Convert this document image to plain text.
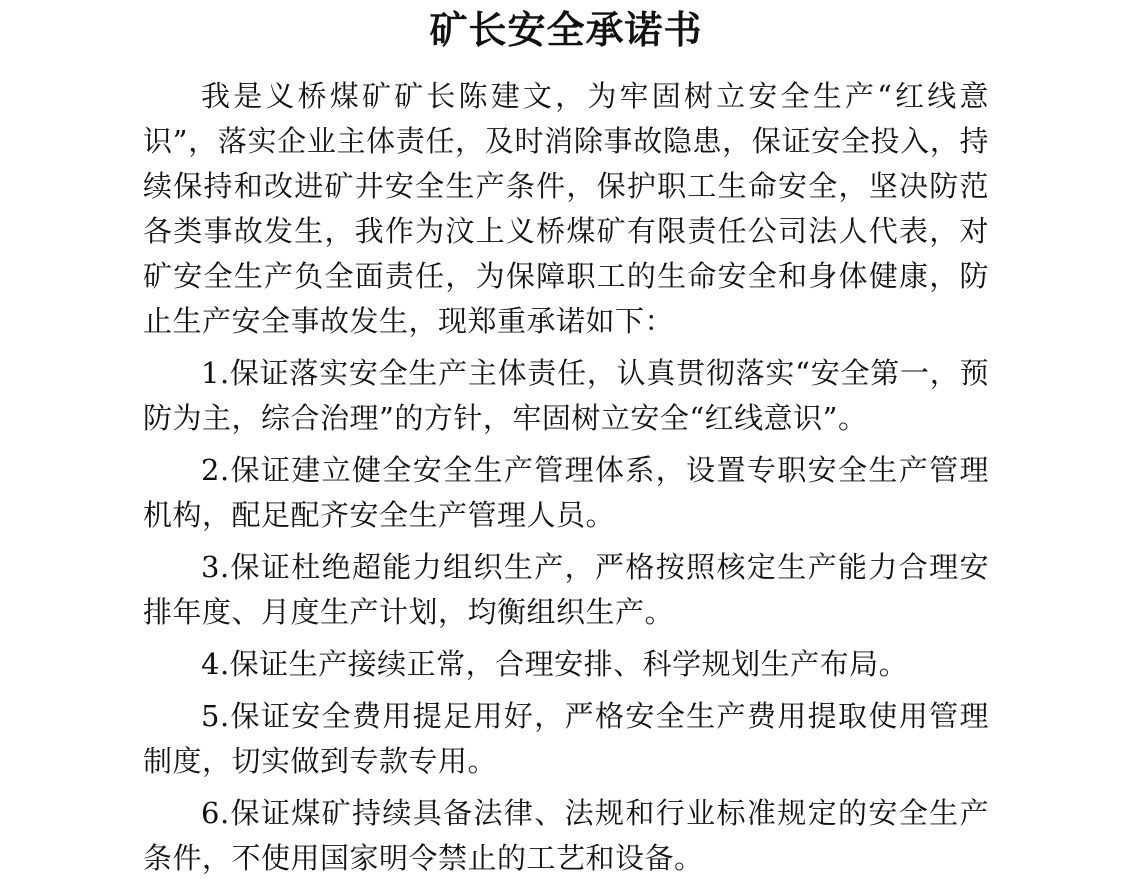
矿长安全承诺书

我是义桥煤矿矿长陈建文，为牢固树立安全生产“红线意识”，落实企业主体责任，及时消除事故隐患，保证安全投入，持续保持和改进矿井安全生产条件，保护职工生命安全，坚决防范各类事故发生，我作为汶上义桥煤矿有限责任公司法人代表，对矿安全生产负全面责任，为保障职工的生命安全和身体健康，防止生产安全事故发生，现郑重承诺如下：

1.保证落实安全生产主体责任，认真贯彻落实“安全第一，预防为主，综合治理”的方针，牢固树立安全“红线意识”。

2.保证建立健全安全生产管理体系，设置专职安全生产管理机构，配足配齐安全生产管理人员。

3.保证杜绝超能力组织生产，严格按照核定生产能力合理安排年度、月度生产计划，均衡组织生产。

4.保证生产接续正常，合理安排、科学规划生产布局。

5.保证安全费用提足用好，严格安全生产费用提取使用管理制度，切实做到专款专用。

6.保证煤矿持续具备法律、法规和行业标准规定的安全生产条件，不使用国家明令禁止的工艺和设备。
